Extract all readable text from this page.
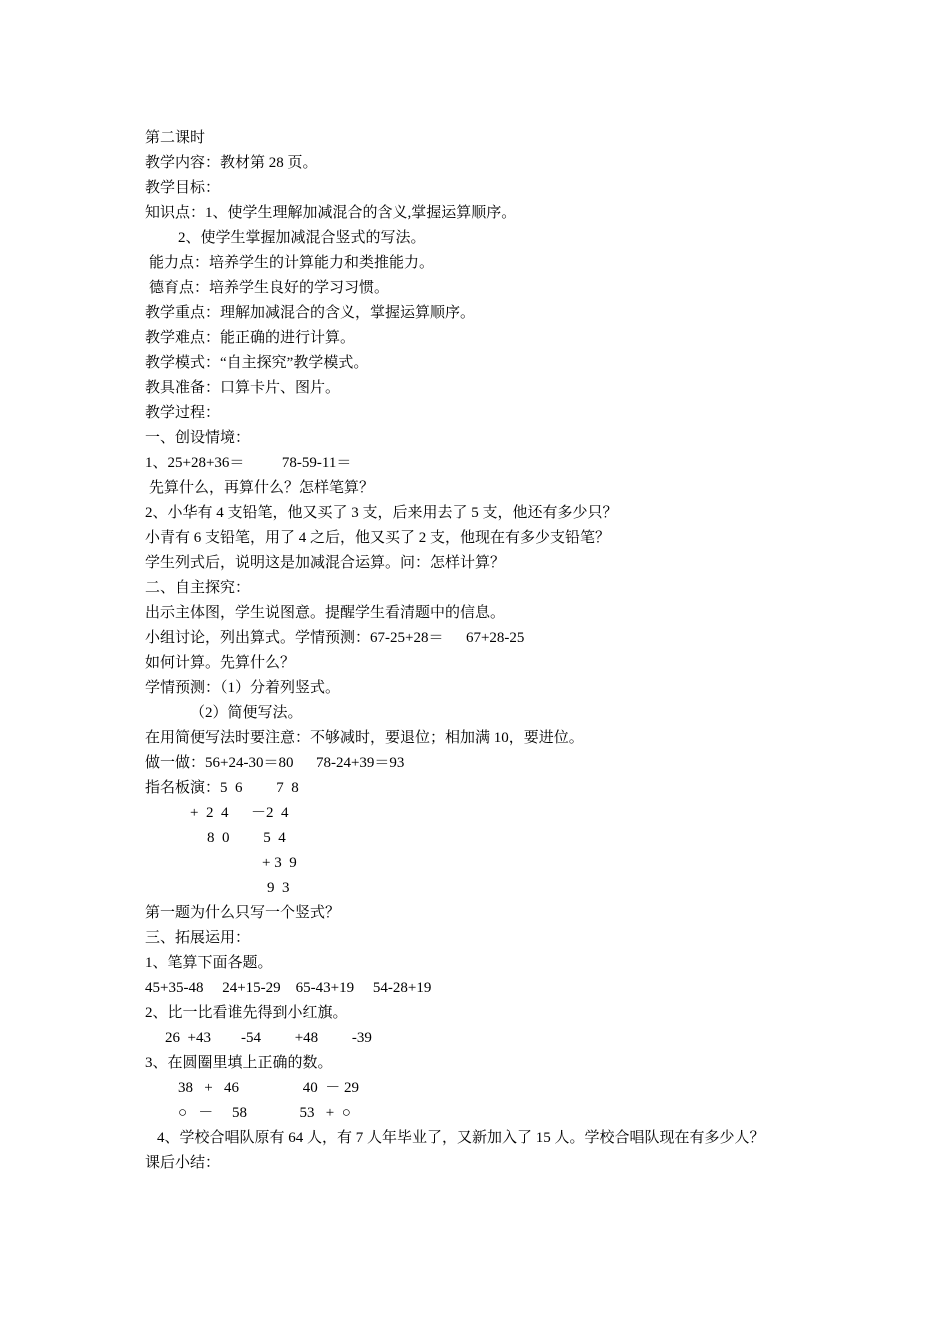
第二课时
教学内容：教材第 28 页。
教学目标：
知识点：1、使学生理解加减混合的含义,掌握运算顺序。
2、使学生掌握加减混合竖式的写法。
能力点：培养学生的计算能力和类推能力。
德育点：培养学生良好的学习习惯。
教学重点：理解加减混合的含义，掌握运算顺序。
教学难点：能正确的进行计算。
教学模式：“自主探究”教学模式。
教具准备：口算卡片、图片。
教学过程：
一、创设情境：
1、25+28+36＝          78-59-11＝
先算什么，再算什么？怎样笔算？
2、小华有 4 支铅笔，他又买了 3 支，后来用去了 5 支，他还有多少只？
小青有 6 支铅笔，用了 4 之后，他又买了 2 支，他现在有多少支铅笔？
学生列式后，说明这是加减混合运算。问：怎样计算？
二、自主探究：
出示主体图，学生说图意。提醒学生看清题中的信息。
小组讨论，列出算式。学情预测：67-25+28＝      67+28-25
如何计算。先算什么？
学情预测：（1）分着列竖式。
（2）简便写法。
在用简便写法时要注意：不够减时，要退位；相加满 10，要进位。
做一做：56+24-30＝80      78-24+39＝93
指名板演：5  6         7  8
+  2  4      －2  4
8  0         5  4
+ 3  9
9  3
第一题为什么只写一个竖式？
三、拓展运用：
1、笔算下面各题。
45+35-48     24+15-29    65-43+19     54-28+19
2、比一比看谁先得到小红旗。
26  +43        -54         +48         -39
3、在圆圈里填上正确的数。
38   +   46                 40  － 29
○   －     58              53   +  ○
4、学校合唱队原有 64 人，有 7 人年毕业了，又新加入了 15 人。学校合唱队现在有多少人？
课后小结：
